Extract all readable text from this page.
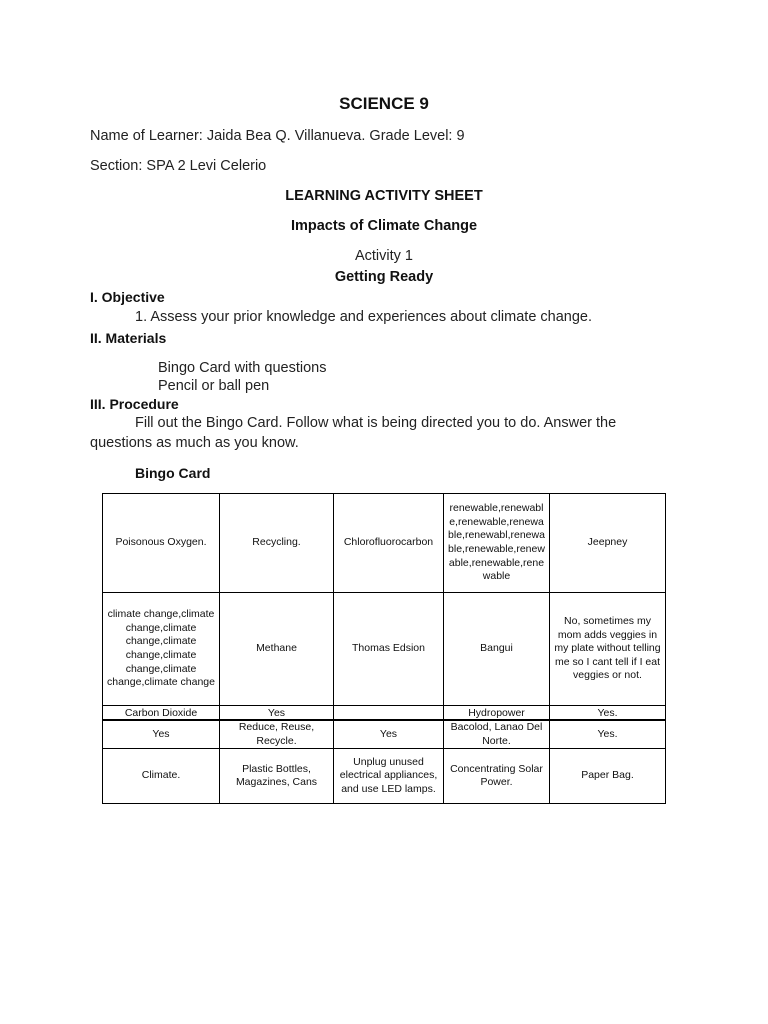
SCIENCE 9
Name of Learner: Jaida Bea Q. Villanueva. Grade Level: 9
Section: SPA 2 Levi Celerio
LEARNING ACTIVITY SHEET
Impacts of Climate Change
Activity 1
Getting Ready
I. Objective
1. Assess your prior knowledge and experiences about climate change.
II. Materials
Bingo Card with questions
Pencil or ball pen
III. Procedure
Fill out the Bingo Card. Follow what is being directed you to do. Answer the
questions as much as you know.
Bingo Card
Poisonous Oxygen.	Recycling.	Chlorofluorocarbon	renewable,renewable,renewable,renewable,renewabl,renewable,renewable,renewable,renewable,renewable	Jeepney
climate change,climate change,climate change,climate change,climate change,climate change,climate change	Methane	Thomas Edsion	Bangui	No, sometimes my mom adds veggies in my plate without telling me so I cant tell if I eat veggies or not.
Carbon Dioxide	Yes		Hydropower	Yes.
Yes	Reduce, Reuse, Recycle.	Yes	Bacolod, Lanao Del Norte.	Yes.
Climate.	Plastic Bottles, Magazines, Cans	Unplug unused electrical appliances, and use LED lamps.	Concentrating Solar Power.	Paper Bag.
